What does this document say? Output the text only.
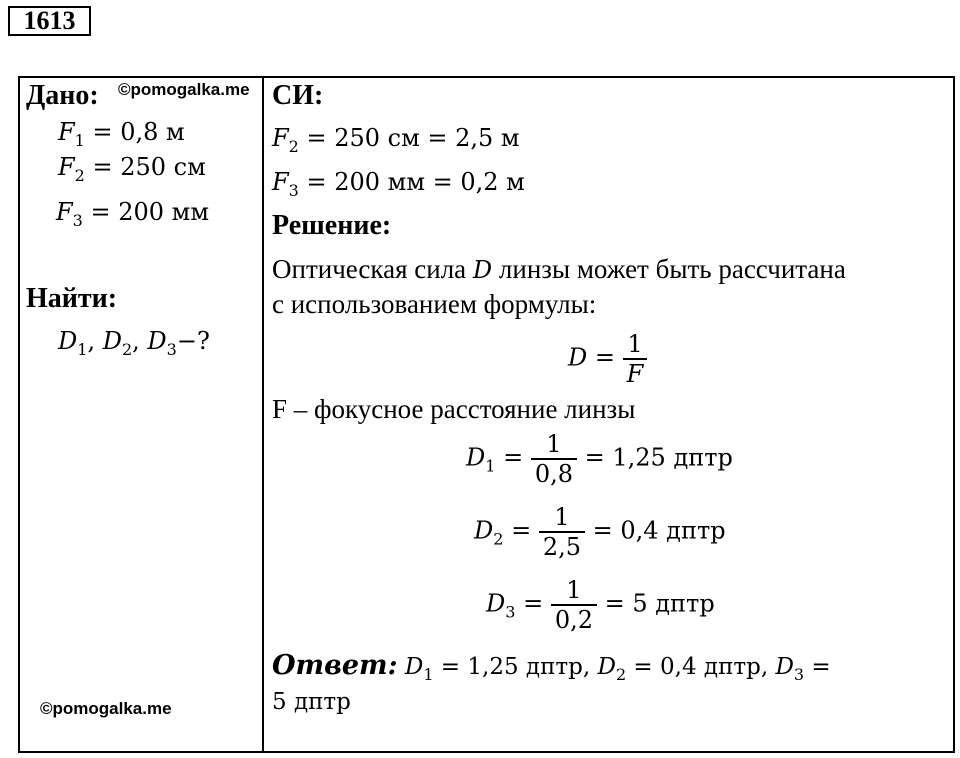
1613
Дано: ©pomogalka.me
$F_1 = 0,8$ м
$F_2 = 250$ см
$F_3 = 200$ мм
Найти:
$D_1$, $D_2$, $D_3-$?
©pomogalka.me
СИ:
$F_2 = 250$ см = 2,5 м
$F_3 = 200$ мм = 0,2 м
Решение:
Оптическая сила D линзы может быть рассчитана
с использованием формулы:
$D = \frac{1}{F}$
F – фокусное расстояние линзы
$D_1 = \frac{1}{0,8} = 1,25$ дптр
$D_2 = \frac{1}{2,5} = 0,4$ дптр
$D_3 = \frac{1}{0,2} = 5$ дптр
Ответ: $D_1 = 1,25$ дптр, $D_2 = 0,4$ дптр, $D_3$ =
5 дптр
